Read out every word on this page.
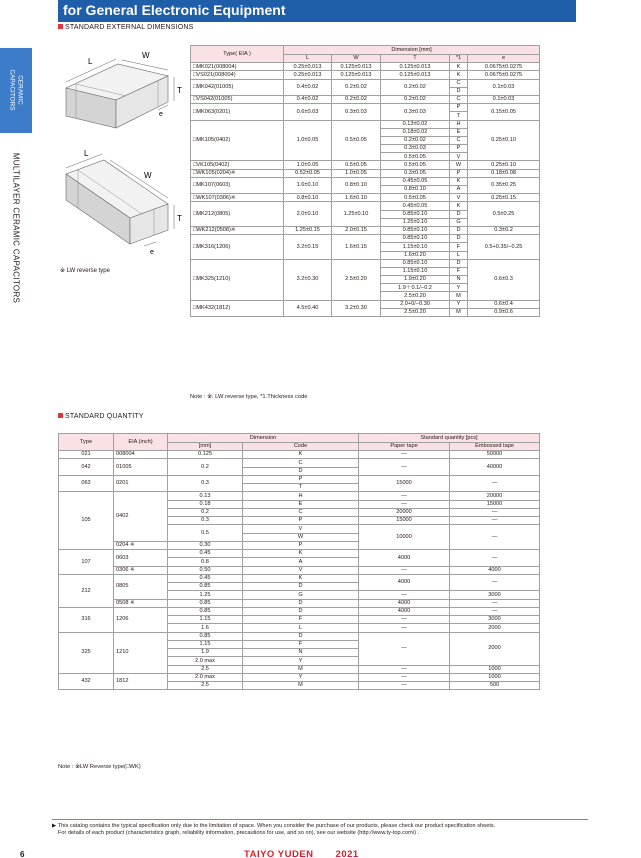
for General Electronic Equipment
STANDARD EXTERNAL DIMENSIONS
CERAMIC
CAPACITORS
MULTILAYER CERAMIC CAPACITORS
L
W
T
e
L
W
T
e
※ LW reverse type
Type( EIA )	Dimension [mm]				
	L	W	T	*1	e
□MK021(008004)	0.25±0.013	0.125±0.013	0.125±0.013	K	0.0675±0.0275
□VS021(008004)	0.25±0.013	0.125±0.013	0.125±0.013	K	0.0675±0.0275
□MK042(01005)	0.4±0.02	0.2±0.02	0.2±0.02	C	0.1±0.03
				D	
□VS042(01005)	0.4±0.02	0.2±0.02	0.2±0.02	C	0.1±0.03
□MK063(0201)	0.6±0.03	0.3±0.03	0.3±0.03	P	0.15±0.05
				T	
□MK105(0402)	1.0±0.05	0.5±0.05	0.13±0.02	H	0.25±0.10
			0.18±0.02	E	
			0.2±0.02	C	
			0.3±0.03	P	
			0.5±0.05	V	
□VK105(0402)	1.0±0.05	0.5±0.05	0.5±0.05	W	0.25±0.10
□WK105(0204)※	0.52±0.05	1.0±0.05	0.3±0.05	P	0.18±0.08
□MK107(0603)	1.6±0.10	0.8±0.10	0.45±0.05	K	0.35±0.25
			0.8±0.10	A	
□WK107(0306)※	0.8±0.10	1.6±0.10	0.5±0.05	V	0.25±0.15
□MK212(0805)	2.0±0.10	1.25±0.10	0.45±0.05	K	0.5±0.25
			0.85±0.10	D	
			1.25±0.10	G	
□WK212(0508)※	1.25±0.15	2.0±0.15	0.85±0.10	D	0.3±0.2
□MK316(1206)	3.2±0.15	1.6±0.15	0.85±0.10	D	0.5+0.35/−0.25
			1.15±0.10	F	
			1.6±0.20	L	
□MK325(1210)	3.2±0.30	2.5±0.20	0.85±0.10	D	0.6±0.3
			1.15±0.10	F	
			1.9±0.20	N	
			1.9＋0.1/−0.2	Y	
			2.5±0.20	M	
□MK432(1812)	4.5±0.40	3.2±0.30	2.0+0/−0.30	Y	0.6±0.4
			2.5±0.20	M	0.9±0.6
Note : ※. LW reverse type, *1.Thickness code
STANDARD QUANTITY
Type	EIA (inch)	Dimension		Standard quantity [pcs]	
		[mm]	Code	Paper tape	Embossed tape
021	008004	0.125	K	—	50000
042	01005	0.2	C	—	40000
			D		
063	0201	0.3	P	15000	—
			T		
105	0402	0.13	H	—	20000
		0.18	E	—	15000
		0.2	C	20000	—
		0.3	P	15000	—
		0.5	V	10000	—
			W		
	0204 ※	0.30	P		
107	0603	0.45	K	4000	—
		0.8	A		
	0306 ※	0.50	V	—	4000
212	0805	0.45	K	4000	—
		0.85	D		
		1.25	G	—	3000
	0508 ※	0.85	D	4000	—
316	1206	0.85	D	4000	—
		1.15	F	—	3000
		1.6	L	—	2000
325	1210	0.85	D	—	2000
		1.15	F		
		1.9	N		
		2.0 max	Y		
		2.5	M	—	1000
432	1812	2.0 max	Y	—	1000
		2.5	M	—	500
Note : ※LW Reverse type(□WK)
▶ This catalog contains the typical specification only due to the limitation of space. When you consider the purchase of our products, please check our product specification sheets.
For details of each product (characteristics graph, reliability information, precautions for use, and so on), see our website (http://www.ty-top.com/) .
6	TAIYO YUDEN 2021
